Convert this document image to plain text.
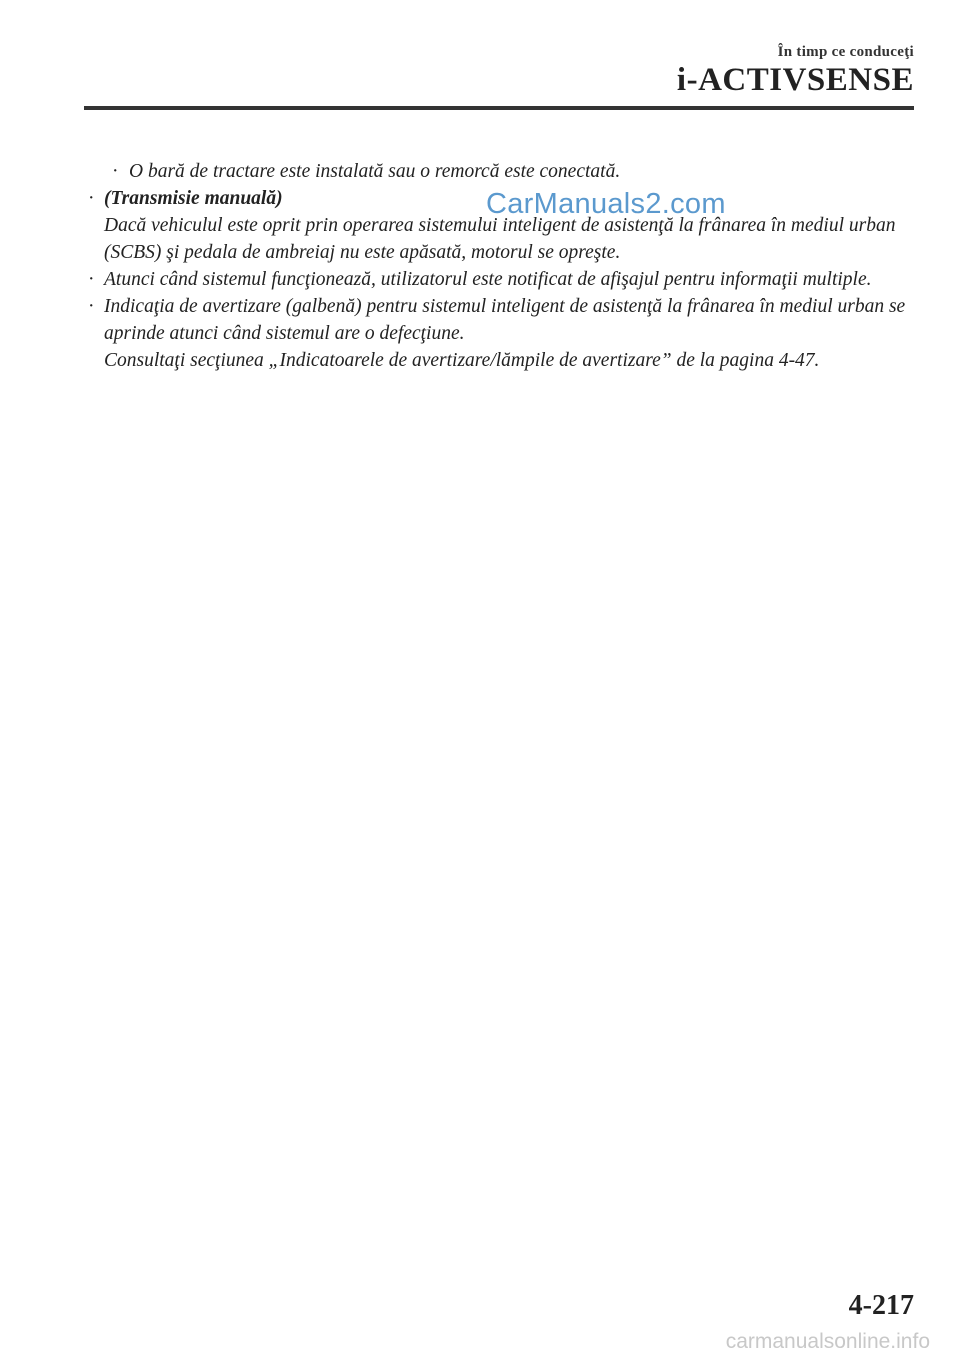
În timp ce conduceţi
i-ACTIVSENSE
· O bară de tractare este instalată sau o remorcă este conectată.
· (Transmisie manuală)
Dacă vehiculul este oprit prin operarea sistemului inteligent de asistenţă la frânarea în mediul urban (SCBS) şi pedala de ambreiaj nu este apăsată, motorul se opreşte.
· Atunci când sistemul funcţionează, utilizatorul este notificat de afişajul pentru informaţii multiple.
· Indicaţia de avertizare (galbenă) pentru sistemul inteligent de asistenţă la frânarea în mediul urban se aprinde atunci când sistemul are o defecţiune.
Consultaţi secţiunea „Indicatoarele de avertizare/lămpile de avertizare” de la pagina 4-47.
CarManuals2.com
4-217
carmanualsonline.info
